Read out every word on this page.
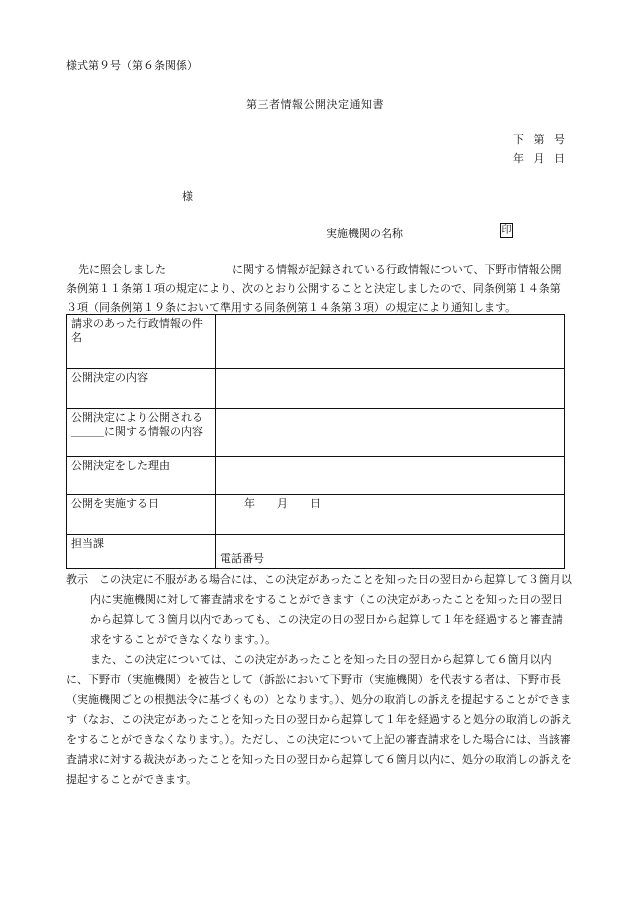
様式第９号（第６条関係）
第三者情報公開決定通知書
下 第 号
年 月 日
様
実施機関の名称	印
先に照会しました　　　　　　に関する情報が記録されている行政情報について、下野市情報公開条例第１１条第１項の規定により、次のとおり公開することと決定しましたので、同条例第１４条第３項（同条例第１９条において準用する同条例第１４条第３項）の規定により通知します。
請求のあった行政情報の件名	
公開決定の内容	
公開決定により公開される＿＿＿に関する情報の内容	
公開決定をした理由	
公開を実施する日	年　　月　　日
担当課	電話番号
教示　この決定に不服がある場合には、この決定があったことを知った日の翌日から起算して３箇月以内に実施機関に対して審査請求をすることができます（この決定があったことを知った日の翌日から起算して３箇月以内であっても、この決定の日の翌日から起算して１年を経過すると審査請求をすることができなくなります。）。
また、この決定については、この決定があったことを知った日の翌日から起算して６箇月以内に、下野市（実施機関）を被告として（訴訟において下野市（実施機関）を代表する者は、下野市長（実施機関ごとの根拠法令に基づくもの）となります。）、処分の取消しの訴えを提起することができます（なお、この決定があったことを知った日の翌日から起算して１年を経過すると処分の取消しの訴えをすることができなくなります。）。ただし、この決定について上記の審査請求をした場合には、当該審査請求に対する裁決があったことを知った日の翌日から起算して６箇月以内に、処分の取消しの訴えを提起することができます。
